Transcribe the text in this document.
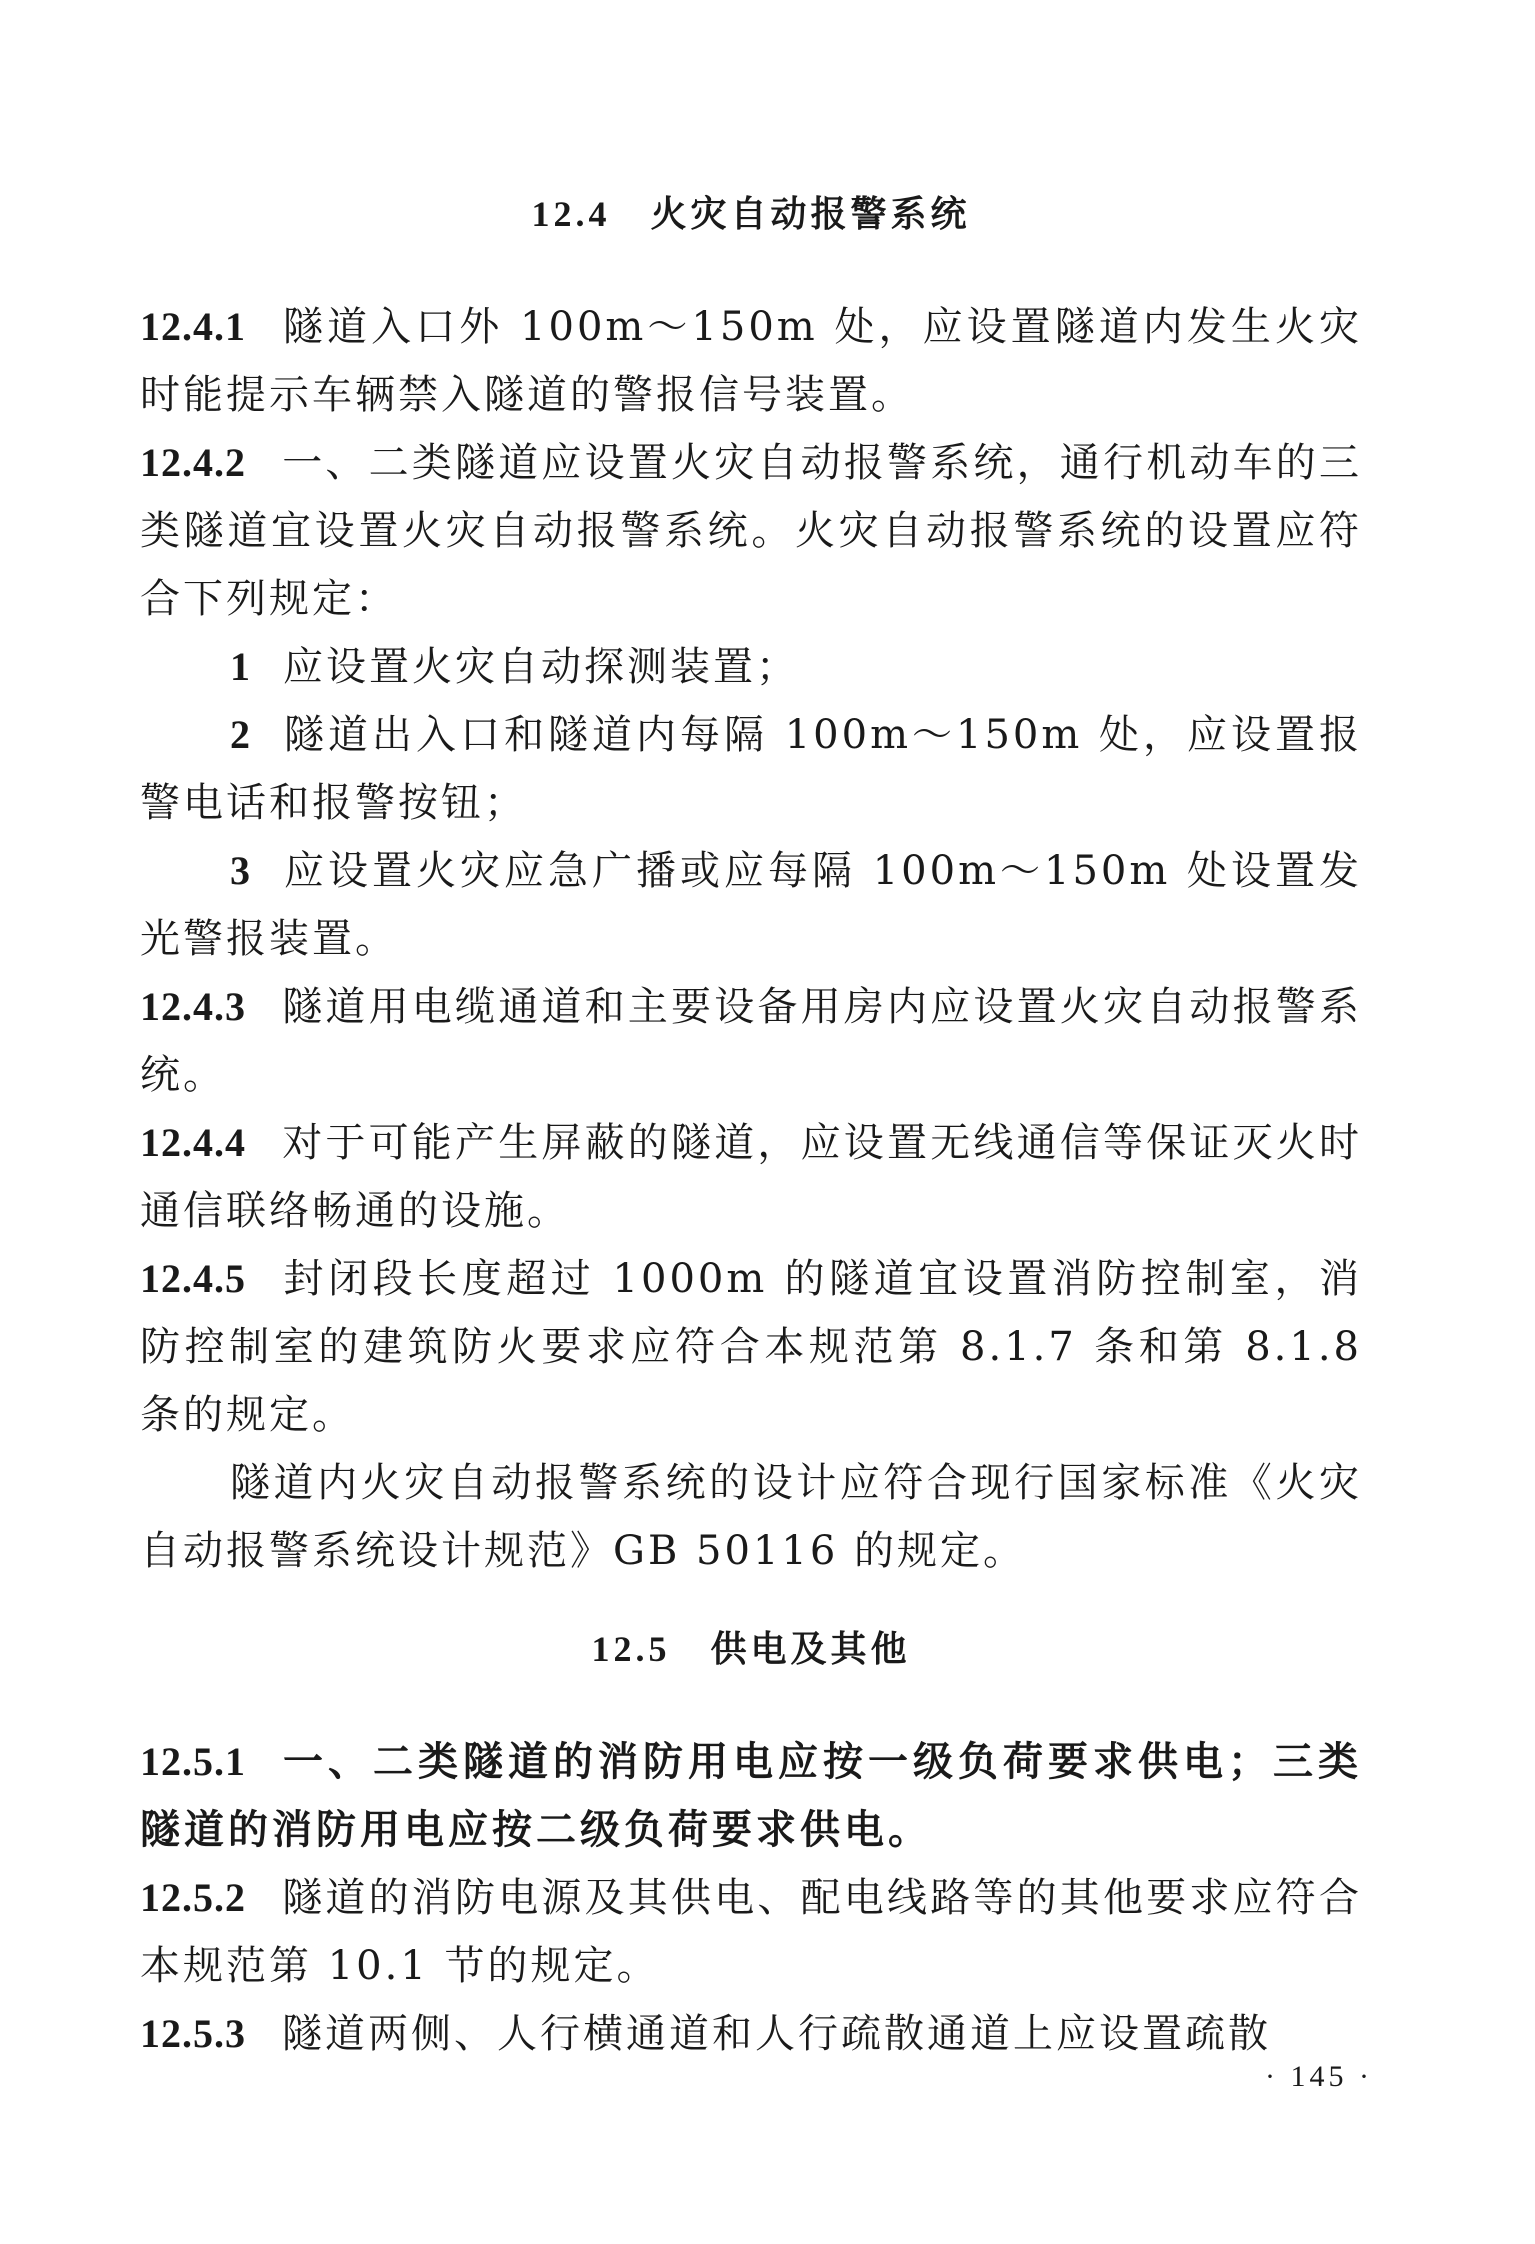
12.4 火灾自动报警系统

12.4.1 隧道入口外 100m～150m 处，应设置隧道内发生火灾时能提示车辆禁入隧道的警报信号装置。

12.4.2 一、二类隧道应设置火灾自动报警系统，通行机动车的三类隧道宜设置火灾自动报警系统。火灾自动报警系统的设置应符合下列规定：

1 应设置火灾自动探测装置；

2 隧道出入口和隧道内每隔 100m～150m 处，应设置报警电话和报警按钮；

3 应设置火灾应急广播或应每隔 100m～150m 处设置发光警报装置。

12.4.3 隧道用电缆通道和主要设备用房内应设置火灾自动报警系统。

12.4.4 对于可能产生屏蔽的隧道，应设置无线通信等保证灭火时通信联络畅通的设施。

12.4.5 封闭段长度超过 1000m 的隧道宜设置消防控制室，消防控制室的建筑防火要求应符合本规范第 8.1.7 条和第 8.1.8 条的规定。

隧道内火灾自动报警系统的设计应符合现行国家标准《火灾自动报警系统设计规范》GB 50116 的规定。

12.5 供电及其他

12.5.1 一、二类隧道的消防用电应按一级负荷要求供电；三类隧道的消防用电应按二级负荷要求供电。

12.5.2 隧道的消防电源及其供电、配电线路等的其他要求应符合本规范第 10.1 节的规定。

12.5.3 隧道两侧、人行横通道和人行疏散通道上应设置疏散

· 145 ·
